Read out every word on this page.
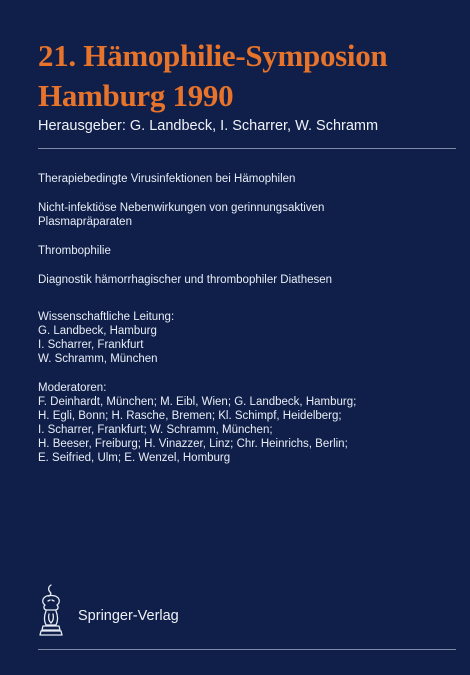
21. Hämophilie-Symposion
Hamburg 1990
Herausgeber: G. Landbeck, I. Scharrer, W. Schramm
Therapiebedingte Virusinfektionen bei Hämophilen
Nicht-infektiöse Nebenwirkungen von gerinnungsaktiven
Plasmapräparaten
Thrombophilie
Diagnostik hämorrhagischer und thrombophiler Diathesen
Wissenschaftliche Leitung:
G. Landbeck, Hamburg
I. Scharrer, Frankfurt
W. Schramm, München
Moderatoren:
F. Deinhardt, München; M. Eibl, Wien; G. Landbeck, Hamburg;
H. Egli, Bonn; H. Rasche, Bremen; Kl. Schimpf, Heidelberg;
I. Scharrer, Frankfurt; W. Schramm, München;
H. Beeser, Freiburg; H. Vinazzer, Linz; Chr. Heinrichs, Berlin;
E. Seifried, Ulm; E. Wenzel, Homburg
Springer-Verlag
